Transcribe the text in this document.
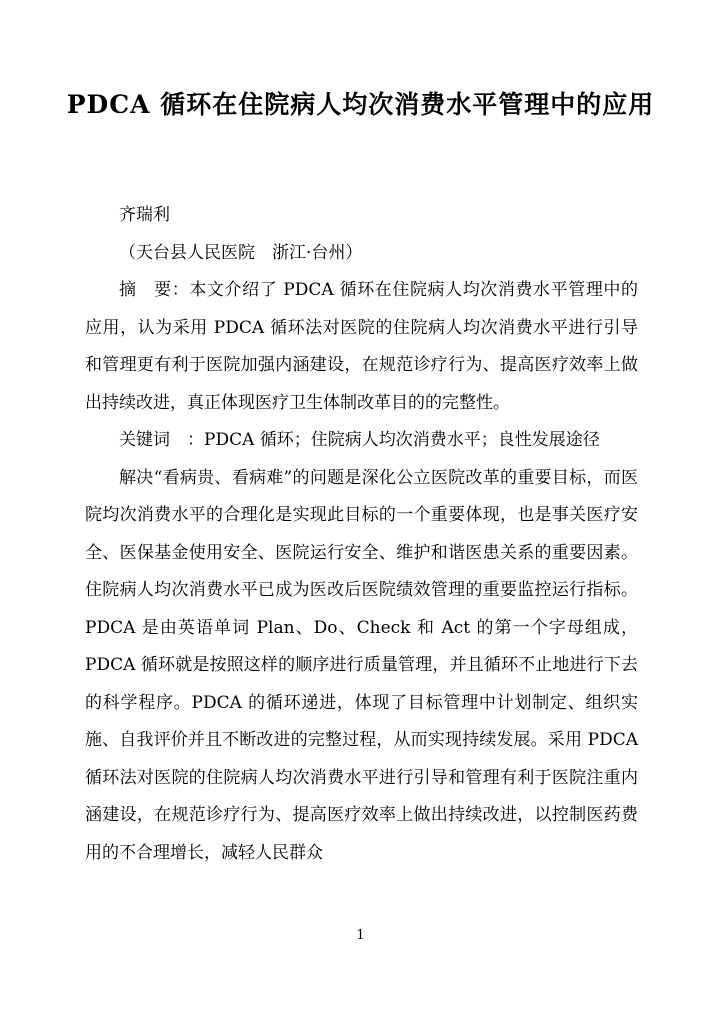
PDCA 循环在住院病人均次消费水平管理中的应用

齐瑞利

（天台县人民医院　浙江·台州）

摘　要：本文介绍了 PDCA 循环在住院病人均次消费水平管理中的应用，认为采用 PDCA 循环法对医院的住院病人均次消费水平进行引导和管理更有利于医院加强内涵建设，在规范诊疗行为、提高医疗效率上做出持续改进，真正体现医疗卫生体制改革目的的完整性。

关键词　：PDCA 循环；住院病人均次消费水平；良性发展途径

解决“看病贵、看病难”的问题是深化公立医院改革的重要目标，而医院均次消费水平的合理化是实现此目标的一个重要体现，也是事关医疗安全、医保基金使用安全、医院运行安全、维护和谐医患关系的重要因素。住院病人均次消费水平已成为医改后医院绩效管理的重要监控运行指标。PDCA 是由英语单词 Plan、Do、Check 和 Act 的第一个字母组成，PDCA 循环就是按照这样的顺序进行质量管理，并且循环不止地进行下去的科学程序。PDCA 的循环递进，体现了目标管理中计划制定、组织实施、自我评价并且不断改进的完整过程，从而实现持续发展。采用 PDCA 循环法对医院的住院病人均次消费水平进行引导和管理有利于医院注重内涵建设，在规范诊疗行为、提高医疗效率上做出持续改进，以控制医药费用的不合理增长，减轻人民群众

1
